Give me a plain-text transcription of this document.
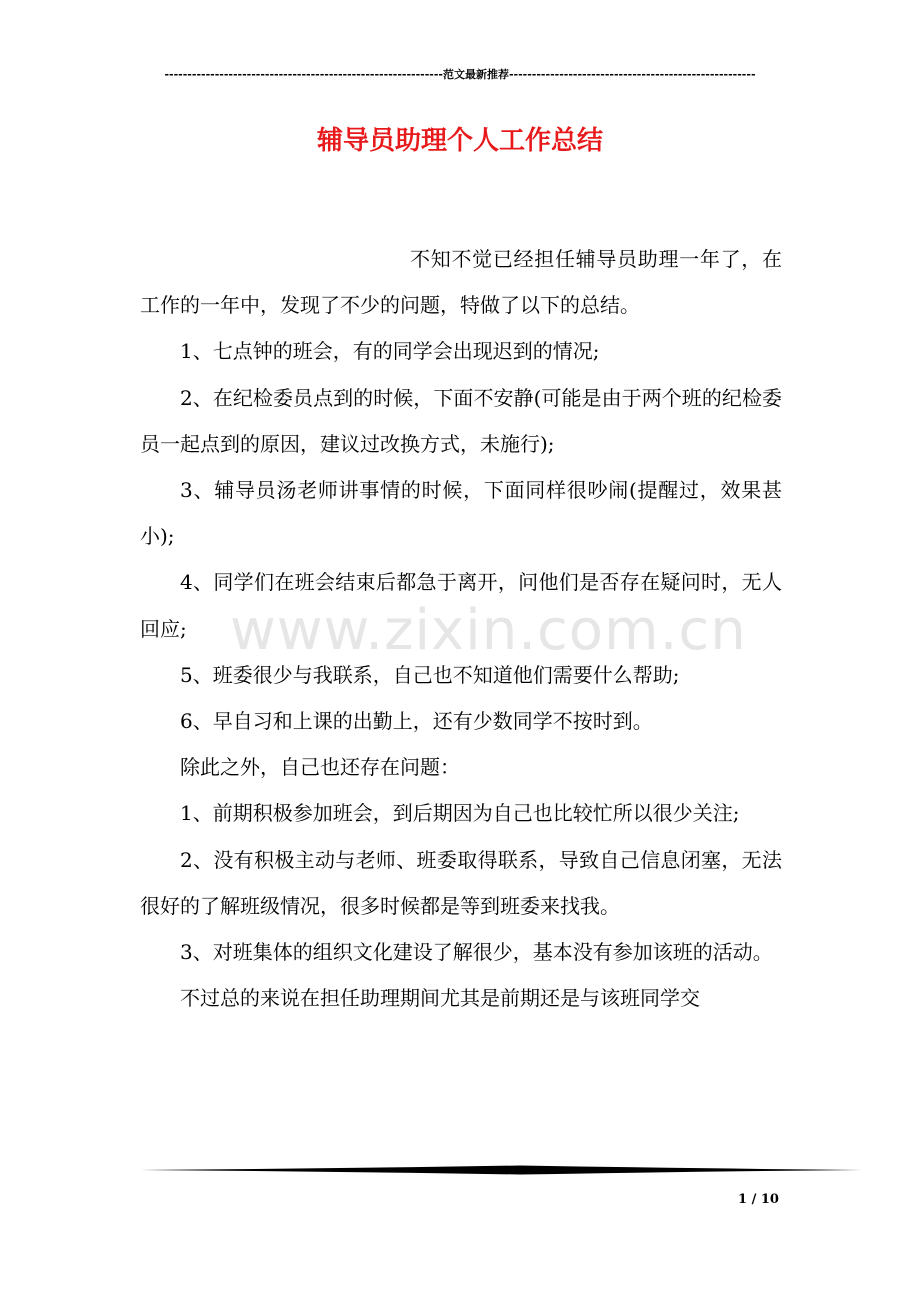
-------------------------------------------------------------范文最新推荐------------------------------------------------------
辅导员助理个人工作总结

不知不觉已经担任辅导员助理一年了，在工作的一年中，发现了不少的问题，特做了以下的总结。

1、七点钟的班会，有的同学会出现迟到的情况;

2、在纪检委员点到的时候，下面不安静(可能是由于两个班的纪检委员一起点到的原因，建议过改换方式，未施行);

3、辅导员汤老师讲事情的时候，下面同样很吵闹(提醒过，效果甚小);

4、同学们在班会结束后都急于离开，问他们是否存在疑问时，无人回应;

5、班委很少与我联系，自己也不知道他们需要什么帮助;

6、早自习和上课的出勤上，还有少数同学不按时到。

除此之外，自己也还存在问题：

1、前期积极参加班会，到后期因为自己也比较忙所以很少关注;

2、没有积极主动与老师、班委取得联系，导致自己信息闭塞，无法很好的了解班级情况，很多时候都是等到班委来找我。

3、对班集体的组织文化建设了解很少，基本没有参加该班的活动。

不过总的来说在担任助理期间尤其是前期还是与该班同学交

www.zixin.com.cn
1 / 10
